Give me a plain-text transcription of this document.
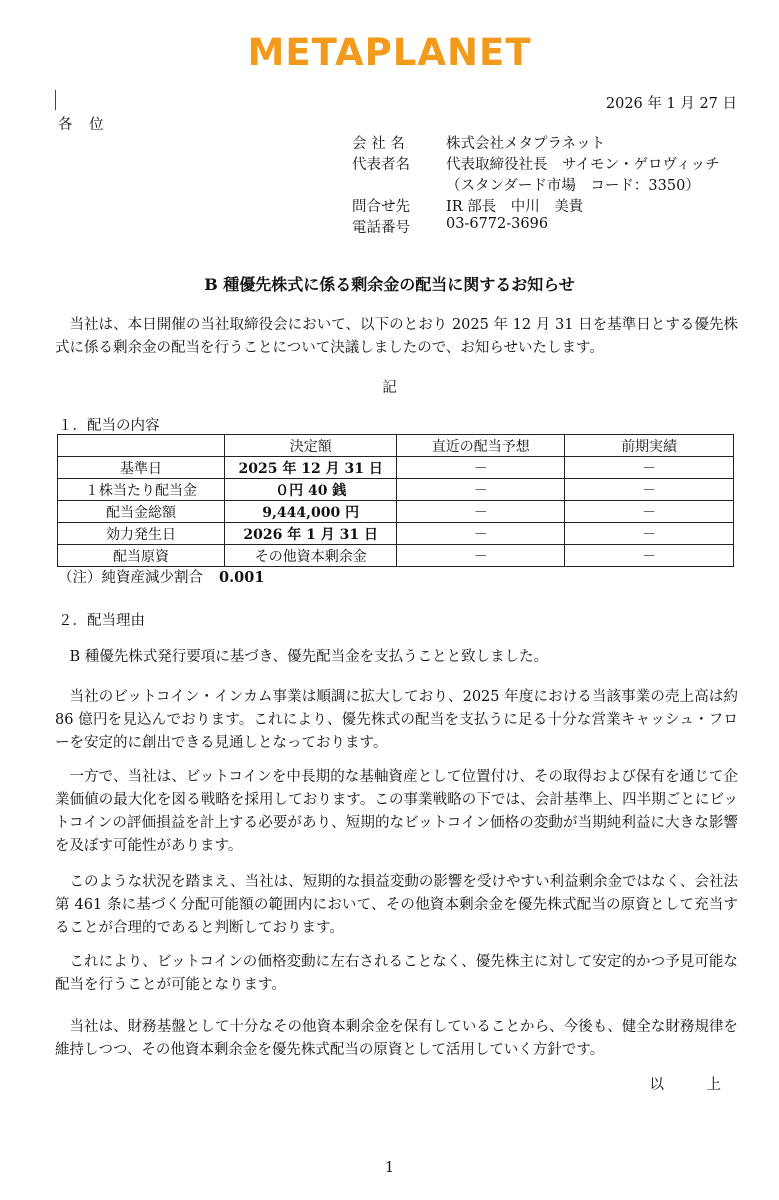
METAPLANET
2026 年 1 月 27 日
各 位
会 社 名	株式会社メタプラネット
代表者名	代表取締役社長　サイモン・ゲロヴィッチ
	（スタンダード市場　コード：3350）
問合せ先	IR 部長　中川　美貴
電話番号	03-6772-3696
B 種優先株式に係る剰余金の配当に関するお知らせ

当社は、本日開催の当社取締役会において、以下のとおり 2025 年 12 月 31 日を基準日とする優先株式に係る剰余金の配当を行うことについて決議しましたので、お知らせいたします。

記
１．配当の内容
	決定額	直近の配当予想	前期実績
基準日	2025 年 12 月 31 日	－	－
１株当たり配当金	０円 40 銭	－	－
配当金総額	9,444,000 円	－	－
効力発生日	2026 年 1 月 31 日	－	－
配当原資	その他資本剰余金	－	－
（注）純資産減少割合 0.001
２．配当理由

B 種優先株式発行要項に基づき、優先配当金を支払うことと致しました。

当社のビットコイン・インカム事業は順調に拡大しており、2025 年度における当該事業の売上高は約 86 億円を見込んでおります。これにより、優先株式の配当を支払うに足る十分な営業キャッシュ・フローを安定的に創出できる見通しとなっております。

一方で、当社は、ビットコインを中長期的な基軸資産として位置付け、その取得および保有を通じて企業価値の最大化を図る戦略を採用しております。この事業戦略の下では、会計基準上、四半期ごとにビットコインの評価損益を計上する必要があり、短期的なビットコイン価格の変動が当期純利益に大きな影響を及ぼす可能性があります。

このような状況を踏まえ、当社は、短期的な損益変動の影響を受けやすい利益剰余金ではなく、会社法第 461 条に基づく分配可能額の範囲内において、その他資本剰余金を優先株式配当の原資として充当することが合理的であると判断しております。

これにより、ビットコインの価格変動に左右されることなく、優先株主に対して安定的かつ予見可能な配当を行うことが可能となります。

当社は、財務基盤として十分なその他資本剰余金を保有していることから、今後も、健全な財務規律を維持しつつ、その他資本剰余金を優先株式配当の原資として活用していく方針です。

以　上
1
